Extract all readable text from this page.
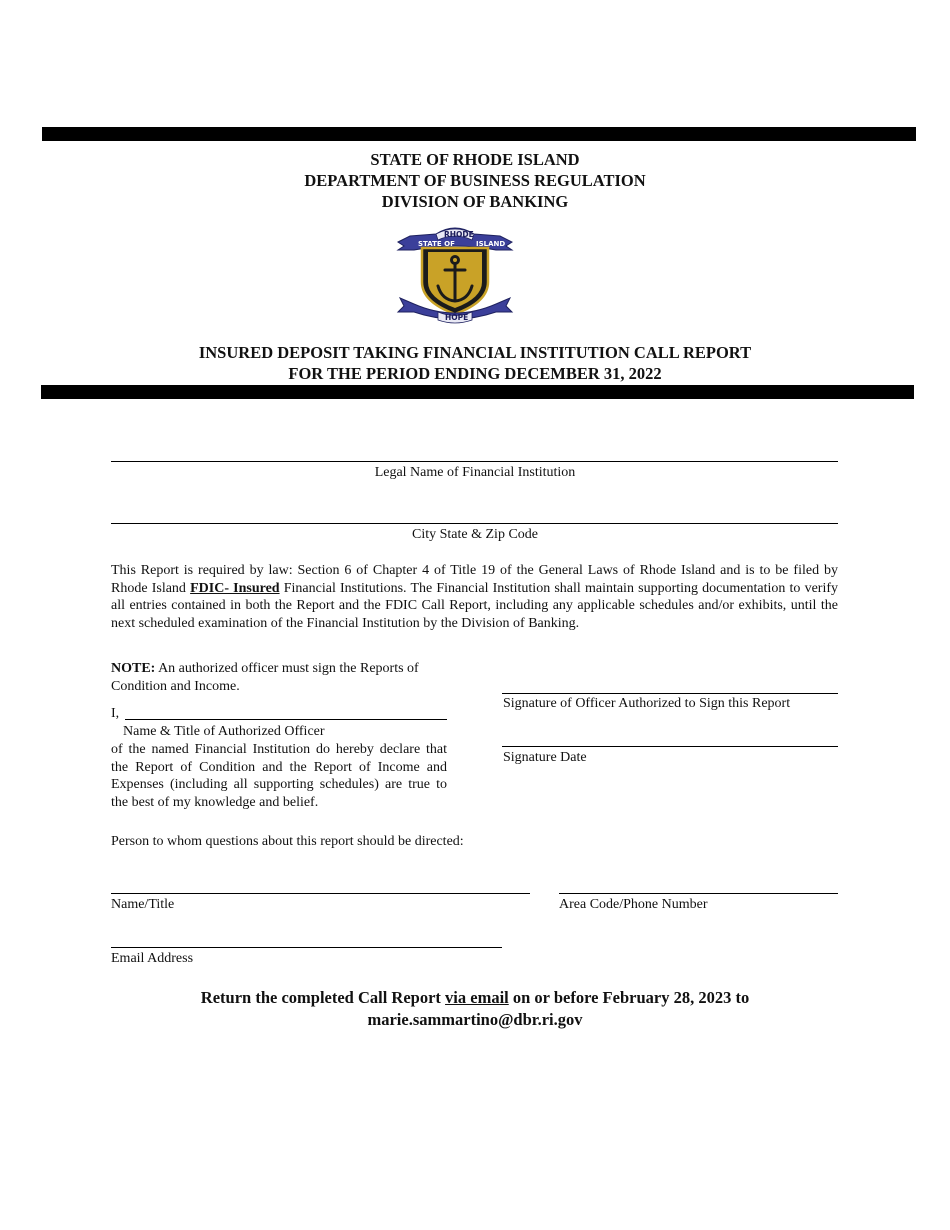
STATE OF RHODE ISLAND
DEPARTMENT OF BUSINESS REGULATION
DIVISION OF BANKING
STATE OF
RHODE
ISLAND
HOPE
INSURED DEPOSIT TAKING FINANCIAL INSTITUTION CALL REPORT
FOR THE PERIOD ENDING DECEMBER 31, 2022
Legal Name of Financial Institution
City State & Zip Code
This Report is required by law: Section 6 of Chapter 4 of Title 19 of the General Laws of Rhode Island and is to be filed by Rhode Island FDIC- Insured Financial Institutions. The Financial Institution shall maintain supporting documentation to verify all entries contained in both the Report and the FDIC Call Report, including any applicable schedules and/or exhibits, until the next scheduled examination of the Financial Institution by the Division of Banking.
NOTE: An authorized officer must sign the Reports of Condition and Income.
I,
Name & Title of Authorized Officer
of the named Financial Institution do hereby declare that the Report of Condition and the Report of Income and Expenses (including all supporting schedules) are true to the best of my knowledge and belief.
Signature of Officer Authorized to Sign this Report
Signature Date
Person to whom questions about this report should be directed:
Name/Title	Area Code/Phone Number
Email Address
Return the completed Call Report via email on or before February 28, 2023 to
marie.sammartino@dbr.ri.gov
